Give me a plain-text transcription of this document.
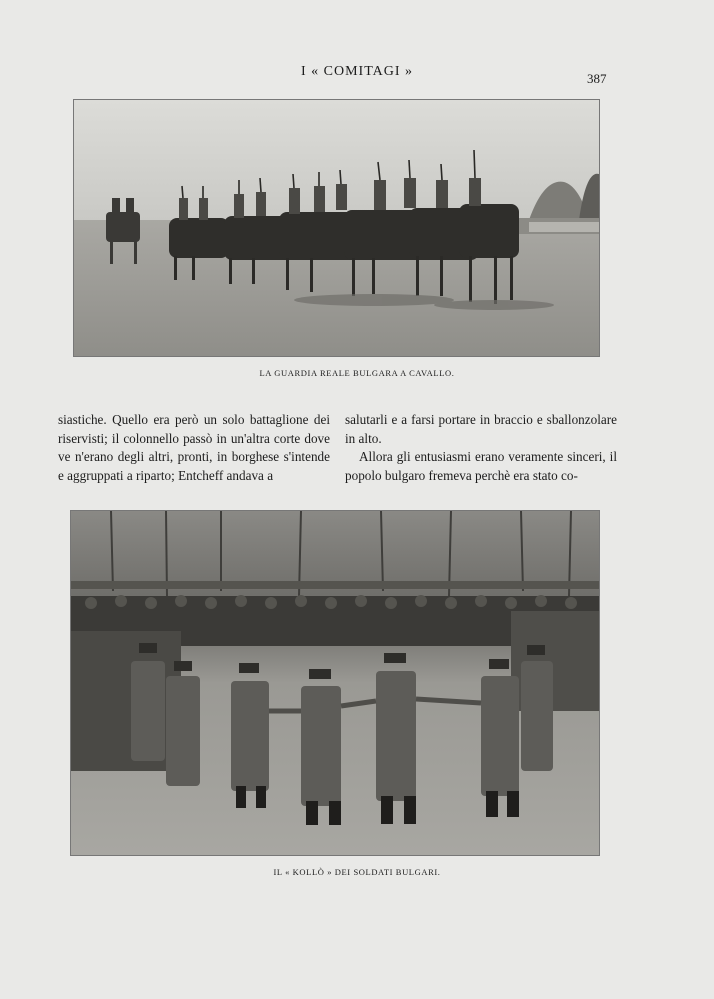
I « COMITAGI »	387
LA GUARDIA REALE BULGARA A CAVALLO.

siastiche. Quello era però un solo battaglione dei riservisti; il colonnello passò in un'altra corte dove ve n'erano degli altri, pronti, in borghese s'intende e aggruppati a riparto; Entcheff andava a

salutarli e a farsi portare in braccio e sballonzolare in alto.

Allora gli entusiasmi erano veramente sinceri, il popolo bulgaro fremeva perchè era stato co-

IL « KOLLÒ » DEI SOLDATI BULGARI.
